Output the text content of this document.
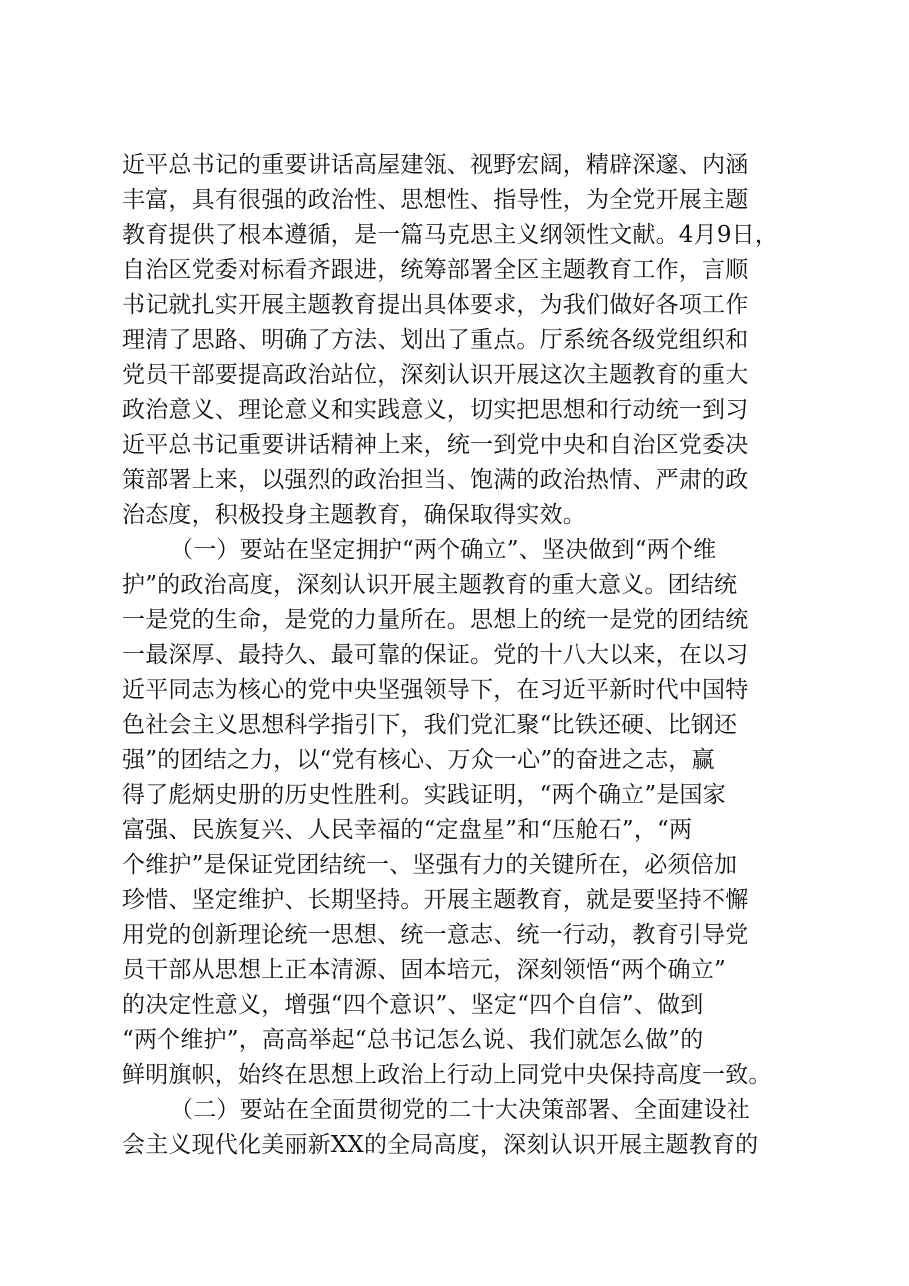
近平总书记的重要讲话高屋建瓴、视野宏阔，精辟深邃、内涵
丰富，具有很强的政治性、思想性、指导性，为全党开展主题
教育提供了根本遵循，是一篇马克思主义纲领性文献。4月9日，
自治区党委对标看齐跟进，统筹部署全区主题教育工作，言顺
书记就扎实开展主题教育提出具体要求，为我们做好各项工作
理清了思路、明确了方法、划出了重点。厅系统各级党组织和
党员干部要提高政治站位，深刻认识开展这次主题教育的重大
政治意义、理论意义和实践意义，切实把思想和行动统一到习
近平总书记重要讲话精神上来，统一到党中央和自治区党委决
策部署上来，以强烈的政治担当、饱满的政治热情、严肃的政
治态度，积极投身主题教育，确保取得实效。
（一）要站在坚定拥护“两个确立”、坚决做到“两个维
护”的政治高度，深刻认识开展主题教育的重大意义。团结统
一是党的生命，是党的力量所在。思想上的统一是党的团结统
一最深厚、最持久、最可靠的保证。党的十八大以来，在以习
近平同志为核心的党中央坚强领导下，在习近平新时代中国特
色社会主义思想科学指引下，我们党汇聚“比铁还硬、比钢还
强”的团结之力，以“党有核心、万众一心”的奋进之志，赢
得了彪炳史册的历史性胜利。实践证明，“两个确立”是国家
富强、民族复兴、人民幸福的“定盘星”和“压舱石”，“两
个维护”是保证党团结统一、坚强有力的关键所在，必须倍加
珍惜、坚定维护、长期坚持。开展主题教育，就是要坚持不懈
用党的创新理论统一思想、统一意志、统一行动，教育引导党
员干部从思想上正本清源、固本培元，深刻领悟“两个确立”
的决定性意义，增强“四个意识”、坚定“四个自信”、做到
“两个维护”，高高举起“总书记怎么说、我们就怎么做”的
鲜明旗帜，始终在思想上政治上行动上同党中央保持高度一致。
（二）要站在全面贯彻党的二十大决策部署、全面建设社
会主义现代化美丽新XX的全局高度，深刻认识开展主题教育的
